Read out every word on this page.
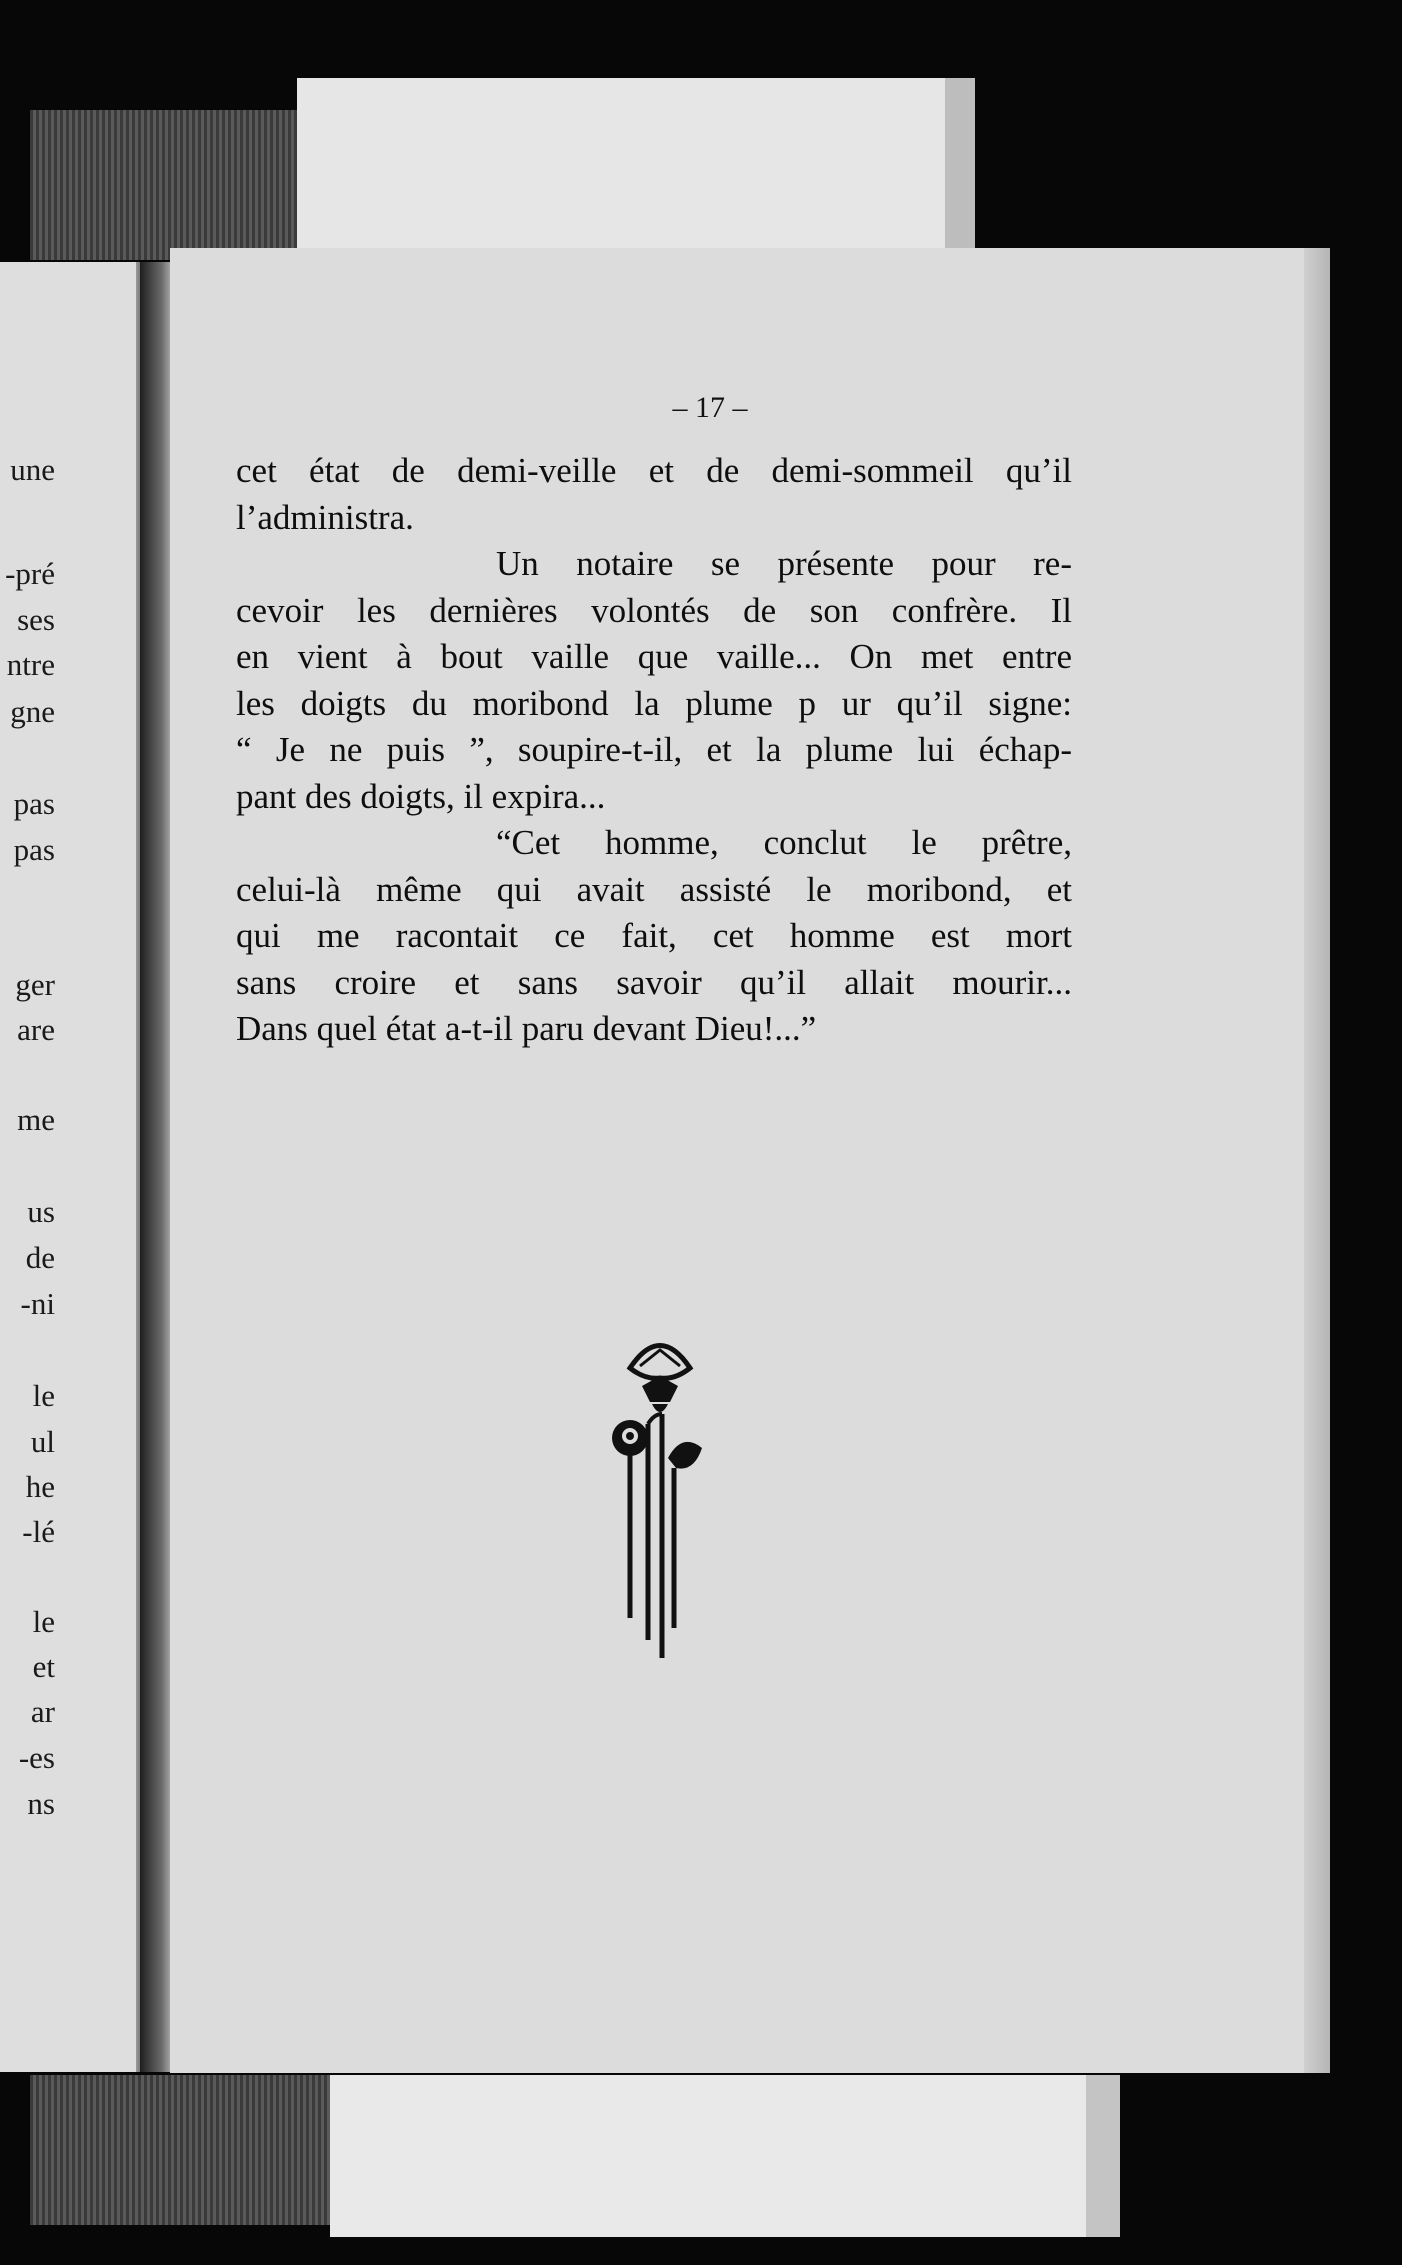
une
pré-
ses
ntre
gne
pas
pas
ger
are
me
us
de
ni-
le
ul
he
lé-
le
et
ar
es-
ns
– 17 –
cet état de demi-veille et de demi-sommeil qu’il
l’administra.
Un notaire se présente pour re-
cevoir les dernières volontés de son confrère. Il
en vient à bout vaille que vaille... On met entre
les doigts du moribond la plume p ur qu’il signe:
“ Je ne puis ”, soupire-t-il, et la plume lui échap-
pant des doigts, il expira...
“Cet homme, conclut le prêtre,
celui-là même qui avait assisté le moribond, et
qui me racontait ce fait, cet homme est mort
sans croire et sans savoir qu’il allait mourir...
Dans quel état a-t-il paru devant Dieu!...”
